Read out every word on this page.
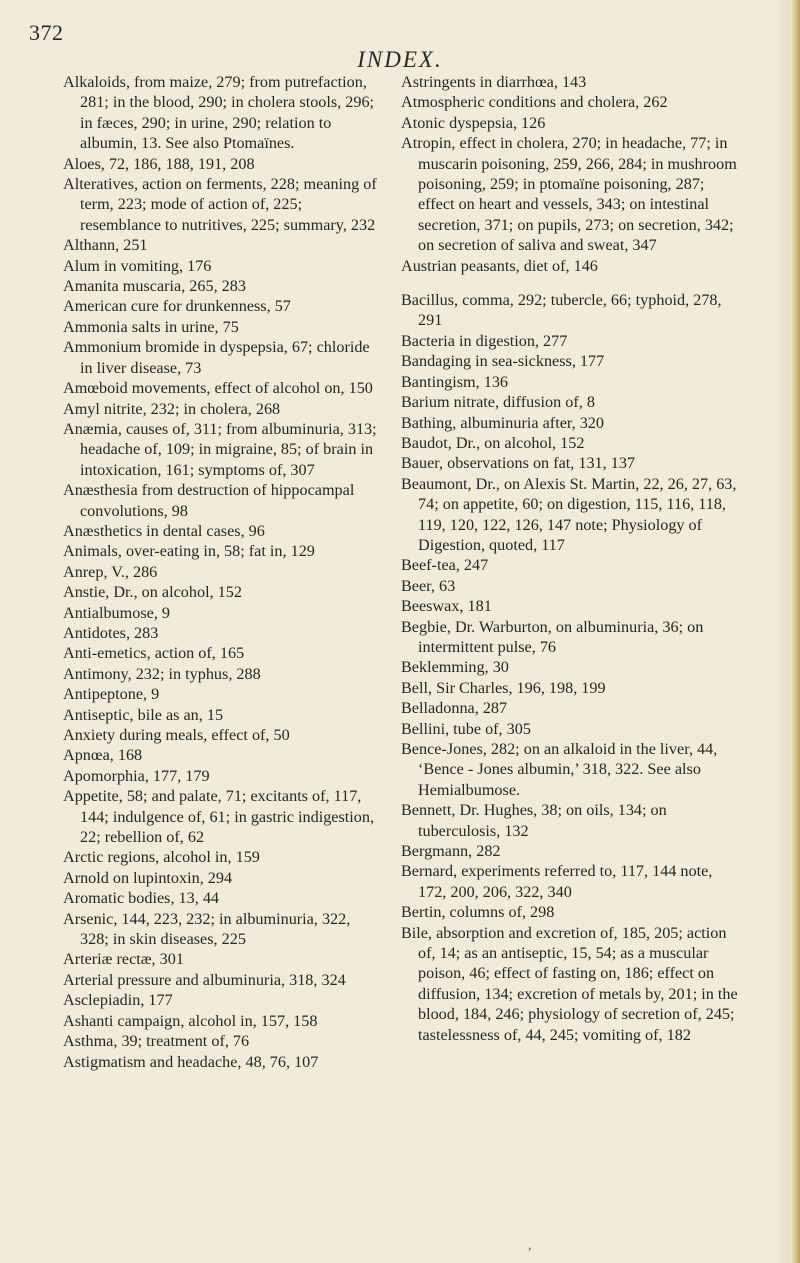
372
INDEX.

Alkaloids, from maize, 279; from putrefaction, 281; in the blood, 290; in cholera stools, 296; in fæces, 290; in urine, 290; relation to albumin, 13. See also Ptomaïnes.

Aloes, 72, 186, 188, 191, 208

Alteratives, action on ferments, 228; meaning of term, 223; mode of action of, 225; resemblance to nutritives, 225; summary, 232

Althann, 251

Alum in vomiting, 176

Amanita muscaria, 265, 283

American cure for drunkenness, 57

Ammonia salts in urine, 75

Ammonium bromide in dyspepsia, 67; chloride in liver disease, 73

Amœboid movements, effect of alcohol on, 150

Amyl nitrite, 232; in cholera, 268

Anæmia, causes of, 311; from albuminuria, 313; headache of, 109; in migraine, 85; of brain in intoxication, 161; symptoms of, 307

Anæsthesia from destruction of hippocampal convolutions, 98

Anæsthetics in dental cases, 96

Animals, over-eating in, 58; fat in, 129

Anrep, V., 286

Anstie, Dr., on alcohol, 152

Antialbumose, 9

Antidotes, 283

Anti-emetics, action of, 165

Antimony, 232; in typhus, 288

Antipeptone, 9

Antiseptic, bile as an, 15

Anxiety during meals, effect of, 50

Apnœa, 168

Apomorphia, 177, 179

Appetite, 58; and palate, 71; excitants of, 117, 144; indulgence of, 61; in gastric indigestion, 22; rebellion of, 62

Arctic regions, alcohol in, 159

Arnold on lupintoxin, 294

Aromatic bodies, 13, 44

Arsenic, 144, 223, 232; in albuminuria, 322, 328; in skin diseases, 225

Arteriæ rectæ, 301

Arterial pressure and albuminuria, 318, 324

Asclepiadin, 177

Ashanti campaign, alcohol in, 157, 158

Asthma, 39; treatment of, 76

Astigmatism and headache, 48, 76, 107

Astringents in diarrhœa, 143

Atmospheric conditions and cholera, 262

Atonic dyspepsia, 126

Atropin, effect in cholera, 270; in headache, 77; in muscarin poisoning, 259, 266, 284; in mushroom poisoning, 259; in ptomaïne poisoning, 287; effect on heart and vessels, 343; on intestinal secretion, 371; on pupils, 273; on secretion, 342; on secretion of saliva and sweat, 347

Austrian peasants, diet of, 146

Bacillus, comma, 292; tubercle, 66; typhoid, 278, 291

Bacteria in digestion, 277

Bandaging in sea-sickness, 177

Bantingism, 136

Barium nitrate, diffusion of, 8

Bathing, albuminuria after, 320

Baudot, Dr., on alcohol, 152

Bauer, observations on fat, 131, 137

Beaumont, Dr., on Alexis St. Martin, 22, 26, 27, 63, 74; on appetite, 60; on digestion, 115, 116, 118, 119, 120, 122, 126, 147 note; Physiology of Digestion, quoted, 117

Beef-tea, 247

Beer, 63

Beeswax, 181

Begbie, Dr. Warburton, on albuminuria, 36; on intermittent pulse, 76

Beklemming, 30

Bell, Sir Charles, 196, 198, 199

Belladonna, 287

Bellini, tube of, 305

Bence-Jones, 282; on an alkaloid in the liver, 44, ‘Bence - Jones albumin,’ 318, 322. See also Hemialbumose.

Bennett, Dr. Hughes, 38; on oils, 134; on tuberculosis, 132

Bergmann, 282

Bernard, experiments referred to, 117, 144 note, 172, 200, 206, 322, 340

Bertin, columns of, 298

Bile, absorption and excretion of, 185, 205; action of, 14; as an antiseptic, 15, 54; as a muscular poison, 46; effect of fasting on, 186; effect on diffusion, 134; excretion of metals by, 201; in the blood, 184, 246; physiology of secretion of, 245; tastelessness of, 44, 245; vomiting of, 182

,
